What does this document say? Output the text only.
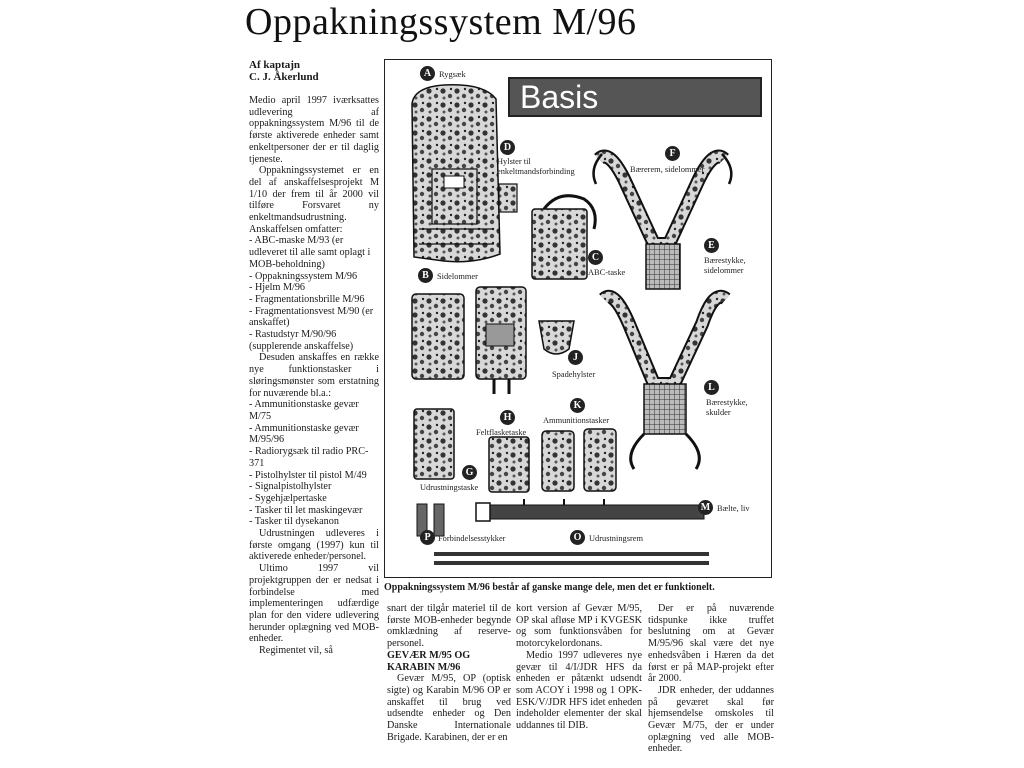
Oppakningssystem M/96
Af kaptajn
C. J. Åkerlund

Medio april 1997 iværksattes udlevering af oppakningssystem M/96 til de første aktiverede enheder samt enkeltpersoner der er til daglig tjeneste.

Oppakningssystemet er en del af anskaffelsesprojekt M 1/10 der frem til år 2000 vil tilføre Forsvaret ny enkeltmandsudrustning. Anskaffelsen omfatter:

- ABC-maske M/93 (er udleveret til alle samt oplagt i MOB-beholdning)

- Oppakningssystem M/96

- Hjelm M/96

- Fragmentationsbrille M/96

- Fragmentationsvest M/90 (er anskaffet)

- Rastudstyr M/90/96 (supplerende anskaffelse)

Desuden anskaffes en række nye funktionstasker i sløringsmønster som erstatning for nuværende bl.a.:

- Ammunitionstaske gevær M/75

- Ammunitionstaske gevær M/95/96

- Radiorygsæk til radio PRC-371

- Pistolhylster til pistol M/49

- Signalpistolhylster

- Sygehjælpertaske

- Tasker til let maskingevær

- Tasker til dysekanon

Udrustningen udleveres i første omgang (1997) kun til aktiverede enheder/personel.

Ultimo 1997 vil projektgruppen der er nedsat i forbindelse med implementeringen udfærdige plan for den videre udlevering herunder oplægning ved MOB-enheder.

Regimentet vil, så

Basis
A Rygsæk
B Sidelommer
D
Hylster til enkeltmandsforbinding
C
ABC-taske
F
Bærerem, sidelommer
E
Bærestykke, sidelommer
J
Spadehylster
L
Bærestykke, skulder
H
Feltflasketaske
K
Ammunitionstasker
G
Udrustningstaske
M Bælte, liv
P Forbindelsesstykker	O Udrustningsrem
Oppakningssystem M/96 består af ganske mange dele, men det er funktionelt.

snart der tilgår materiel til de første MOB-enheder begynde omklædning af reserve-personel.

GEVÆR M/95 OG KARABIN M/96

Gevær M/95, OP (optisk sigte) og Karabin M/96 OP er anskaffet til brug ved udsendte enheder og Den Danske Internationale Brigade. Karabinen, der er en

kort version af Gevær M/95, OP skal afløse MP i KVGESK og som funktionsvåben for motorcykelordonans.

Medio 1997 udleveres nye gevær til 4/I/JDR HFS da enheden er påtænkt udsendt som ACOY i 1998 og 1 OPK-ESK/V/JDR HFS idet enheden indeholder elementer der skal uddannes til DIB.

Der er på nuværende tidspunke ikke truffet beslutning om at Gevær M/95/96 skal være det nye enhedsvåben i Hæren da det først er på MAP-projekt efter år 2000.

JDR enheder, der uddannes på geværet skal før hjemsendelse omskoles til Gevær M/75, der er under oplægning ved alle MOB-enheder.
